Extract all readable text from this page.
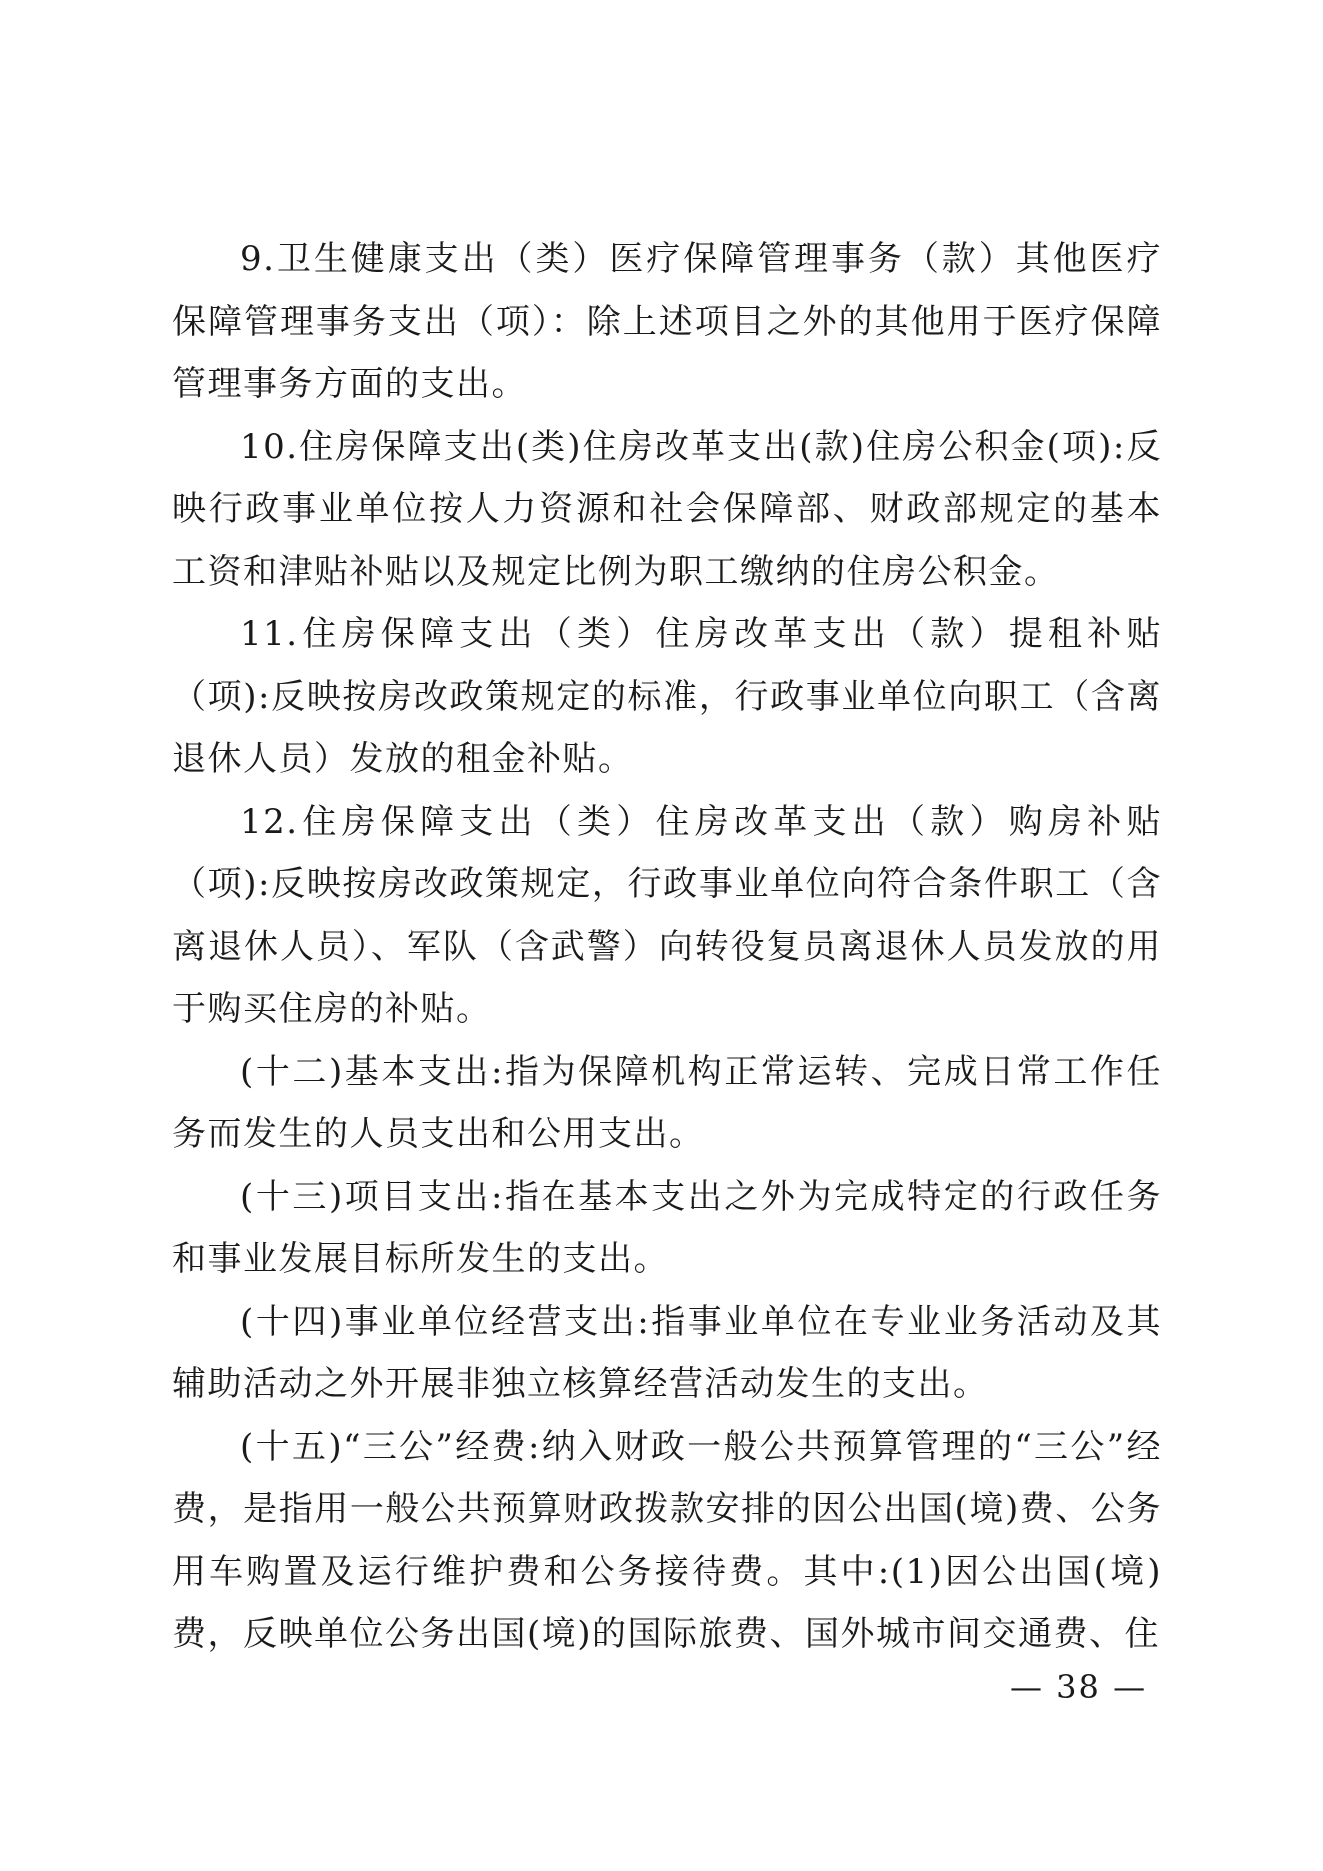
9.卫生健康支出（类）医疗保障管理事务（款）其他医疗保障管理事务支出（项）：除上述项目之外的其他用于医疗保障管理事务方面的支出。

10.住房保障支出(类)住房改革支出(款)住房公积金(项):反映行政事业单位按人力资源和社会保障部、财政部规定的基本工资和津贴补贴以及规定比例为职工缴纳的住房公积金。

11.住房保障支出（类）住房改革支出（款）提租补贴（项):反映按房改政策规定的标准，行政事业单位向职工（含离退休人员）发放的租金补贴。

12.住房保障支出（类）住房改革支出（款）购房补贴（项):反映按房改政策规定，行政事业单位向符合条件职工（含离退休人员）、军队（含武警）向转役复员离退休人员发放的用于购买住房的补贴。

(十二)基本支出:指为保障机构正常运转、完成日常工作任务而发生的人员支出和公用支出。

(十三)项目支出:指在基本支出之外为完成特定的行政任务和事业发展目标所发生的支出。

(十四)事业单位经营支出:指事业单位在专业业务活动及其辅助活动之外开展非独立核算经营活动发生的支出。

(十五)“三公”经费:纳入财政一般公共预算管理的“三公”经费，是指用一般公共预算财政拨款安排的因公出国(境)费、公务用车购置及运行维护费和公务接待费。其中:(1)因公出国(境)费，反映单位公务出国(境)的国际旅费、国外城市间交通费、住

— 38 —
